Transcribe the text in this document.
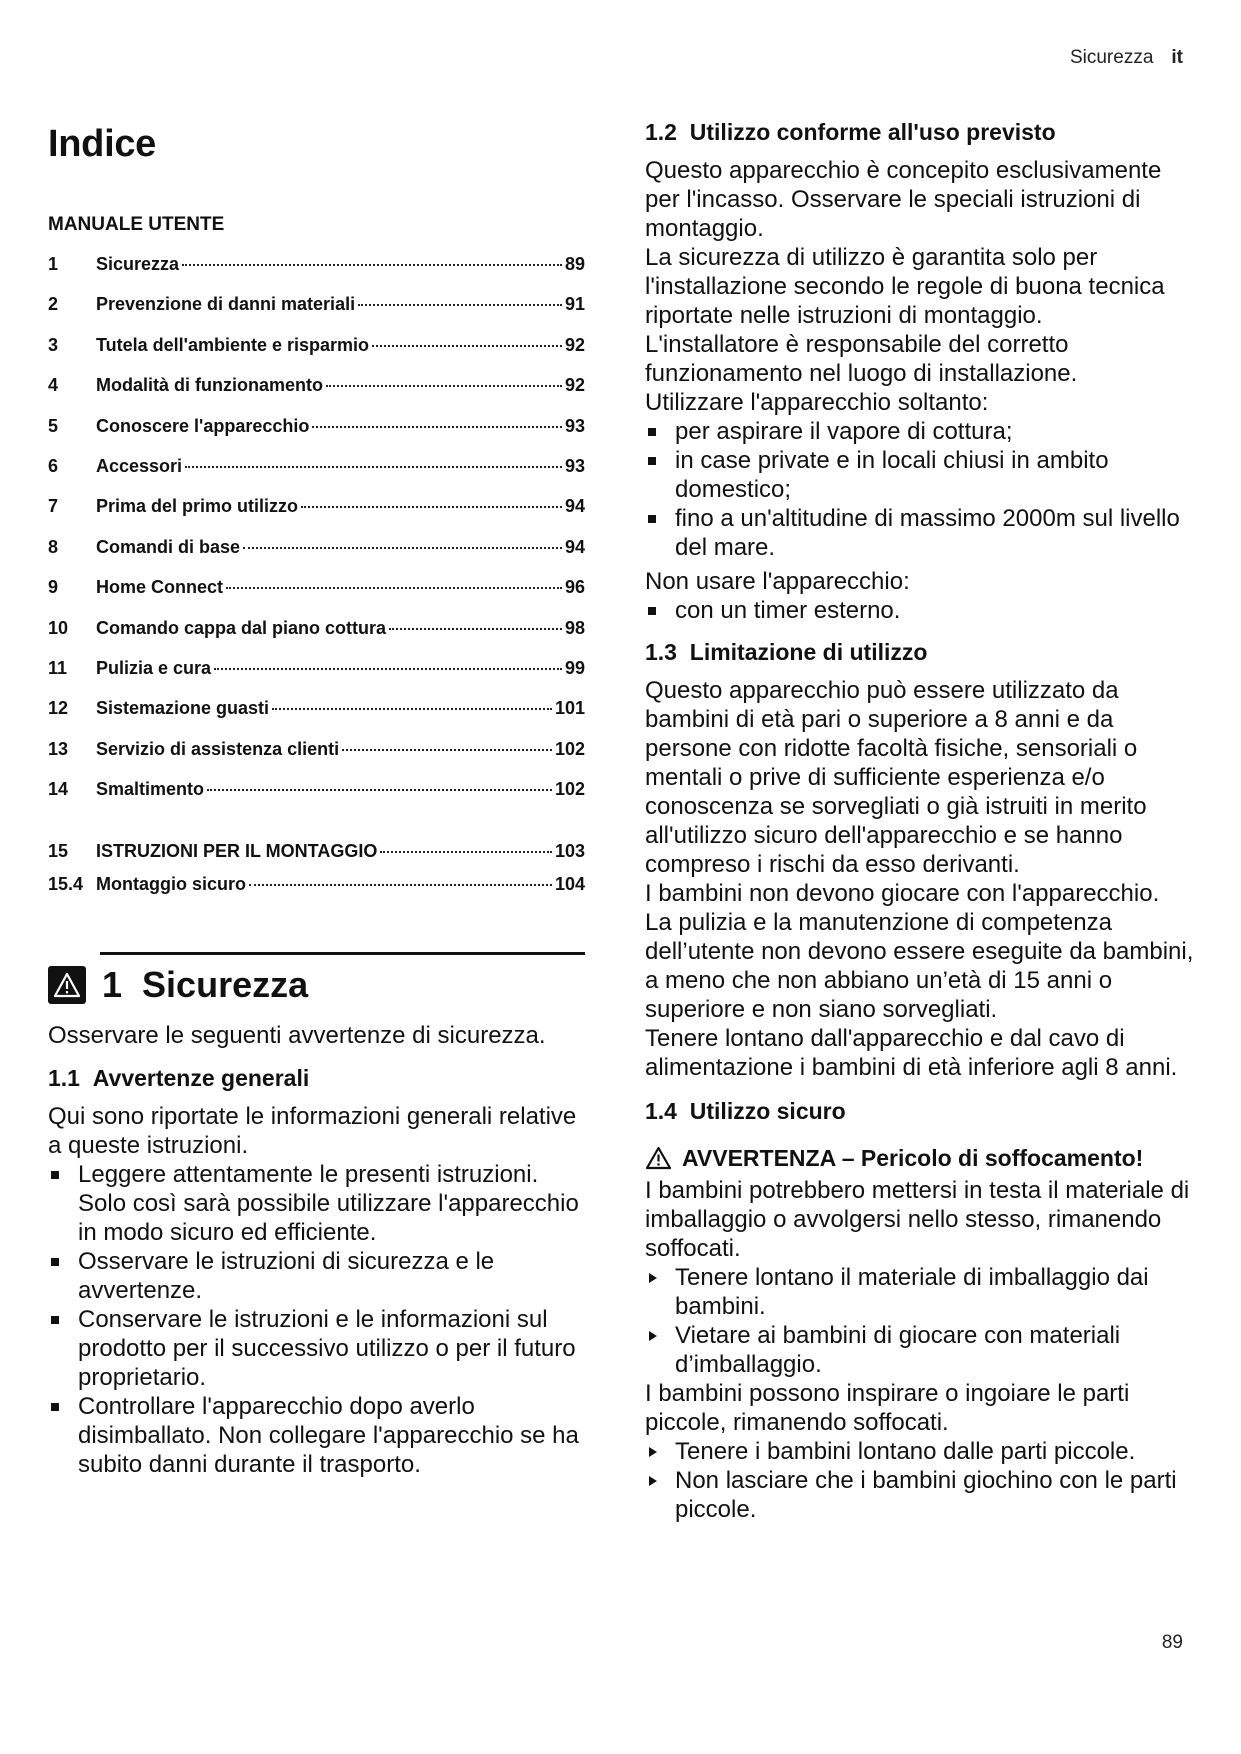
Sicurezza it
Indice
MANUALE UTENTE
1	Sicurezza	89
2	Prevenzione di danni materiali	91
3	Tutela dell'ambiente e risparmio	92
4	Modalità di funzionamento	92
5	Conoscere l'apparecchio	93
6	Accessori	93
7	Prima del primo utilizzo	94
8	Comandi di base	94
9	Home Connect	96
10	Comando cappa dal piano cottura	98
11	Pulizia e cura	99
12	Sistemazione guasti	101
13	Servizio di assistenza clienti	102
14	Smaltimento	102
15	ISTRUZIONI PER IL MONTAGGIO	103
15.4 Montaggio sicuro	104
1 Sicurezza

Osservare le seguenti avvertenze di sicurezza.

1.1 Avvertenze generali

Qui sono riportate le informazioni generali relative a queste istruzioni.

Leggere attentamente le presenti istruzioni. Solo così sarà possibile utilizzare l'apparecchio in modo sicuro ed efficiente.
Osservare le istruzioni di sicurezza e le avvertenze.
Conservare le istruzioni e le informazioni sul prodotto per il successivo utilizzo o per il futuro proprietario.
Controllare l'apparecchio dopo averlo disimballato. Non collegare l'apparecchio se ha subito danni durante il trasporto.
1.2 Utilizzo conforme all'uso previsto

Questo apparecchio è concepito esclusivamente per l'incasso. Osservare le speciali istruzioni di montaggio.

La sicurezza di utilizzo è garantita solo per l'installazione secondo le regole di buona tecnica riportate nelle istruzioni di montaggio.

L'installatore è responsabile del corretto funzionamento nel luogo di installazione.

Utilizzare l'apparecchio soltanto:

per aspirare il vapore di cottura;
in case private e in locali chiusi in ambito domestico;
fino a un'altitudine di massimo 2000m sul livello del mare.

Non usare l'apparecchio:

con un timer esterno.
1.3 Limitazione di utilizzo

Questo apparecchio può essere utilizzato da bambini di età pari o superiore a 8 anni e da persone con ridotte facoltà fisiche, sensoriali o mentali o prive di sufficiente esperienza e/o conoscenza se sorvegliati o già istruiti in merito all'utilizzo sicuro dell'apparecchio e se hanno compreso i rischi da esso derivanti.

I bambini non devono giocare con l'apparecchio.

La pulizia e la manutenzione di competenza dell’utente non devono essere eseguite da bambini, a meno che non abbiano un’età di 15 anni o superiore e non siano sorvegliati.

Tenere lontano dall'apparecchio e dal cavo di alimentazione i bambini di età inferiore agli 8 anni.

1.4 Utilizzo sicuro
AVVERTENZA – Pericolo di soffocamento!

I bambini potrebbero mettersi in testa il materiale di imballaggio o avvolgersi nello stesso, rimanendo soffocati.

Tenere lontano il materiale di imballaggio dai bambini.
Vietare ai bambini di giocare con materiali d’imballaggio.

I bambini possono inspirare o ingoiare le parti piccole, rimanendo soffocati.

Tenere i bambini lontano dalle parti piccole.
Non lasciare che i bambini giochino con le parti piccole.
89
